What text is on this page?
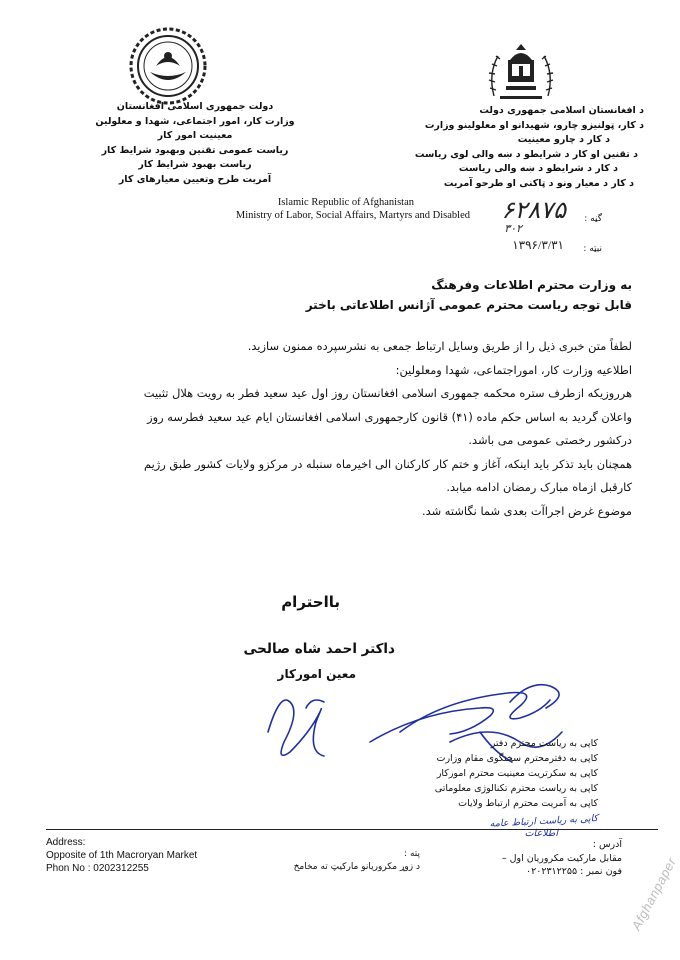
د افغانستان اسلامی جمهوری دولت
د کار، ټولنیزو چارو، شهیدانو او معلولینو وزارت
د کار د چارو معینیت
د تقنین او کار د شرایطو د ښه والی لوی ریاست
د کار د شرایطو د ښه والی ریاست
د کار د معیار ونو د ټاکنی او طرحو آمریت
دولت جمهوری اسلامی افغانستان
وزارت کار، امور اجتماعی، شهدا و معلولین
معینیت امور کار
ریاست عمومی تقنین وبهبود شرایط کار
ریاست بهبود شرایط کار
آمریت طرح وتعیین معیارهای کار
Islamic Republic of Afghanistan
Ministry of Labor, Social Affairs, Martyrs and Disabled	گڼه :
۶۲۸۷۵
۳۰۲
نیټه :
۱۳۹۶/۳/۳۱
به وزارت محترم اطلاعات وفرهنگ
قابل توجه ریاست محترم عمومی آژانس اطلاعاتی باختر

لطفاً متن خبری ذیل را از طریق وسایل ارتباط جمعی به نشرسپرده ممنون سازید.

اطلاعیه وزارت کار، اموراجتماعی، شهدا ومعلولین:

هرروزیکه ازطرف ستره محکمه جمهوری اسلامی افغانستان روز اول عید سعید فطر به رویت هلال تثبیت

واعلان گردید به اساس حکم ماده (۴۱) قانون کارجمهوری اسلامی افغانستان ایام عید سعید فطرسه روز

درکشور رخصتی عمومی می باشد.

همچنان باید تذکر باید اینکه، آغاز و ختم کار کارکنان الی اخیرماه سنبله در مرکزو ولایات کشور طبق رژیم

کارقبل ازماه مبارک رمضان ادامه میابد.

موضوع غرض اجراآت بعدی شما نگاشته شد.

بااحترام
داکتر احمد شاه صالحی
معین اموركار
کاپی به ریاست محترم دفتر
کاپی به دفترمحترم سخنگوی مقام وزارت
کاپی به سکرتریت معینیت محترم اموركار
کاپی به ریاست محترم تکنالوژی معلوماتی
کاپی به آمریت محترم ارتباط ولایات
کاپی به ریاست ارتباط عامه
اطلاعات
Address:
Opposite of 1th Macroryan Market
Phon No : 0202312255
پته :
د زوړ مکروریانو مارکیټ ته مخامخ
آدرس :
مقابل مارکیت مکروریان اول –
فون نمبر : ۰۲۰۲۳۱۲۲۵۵ Afghanpaper
